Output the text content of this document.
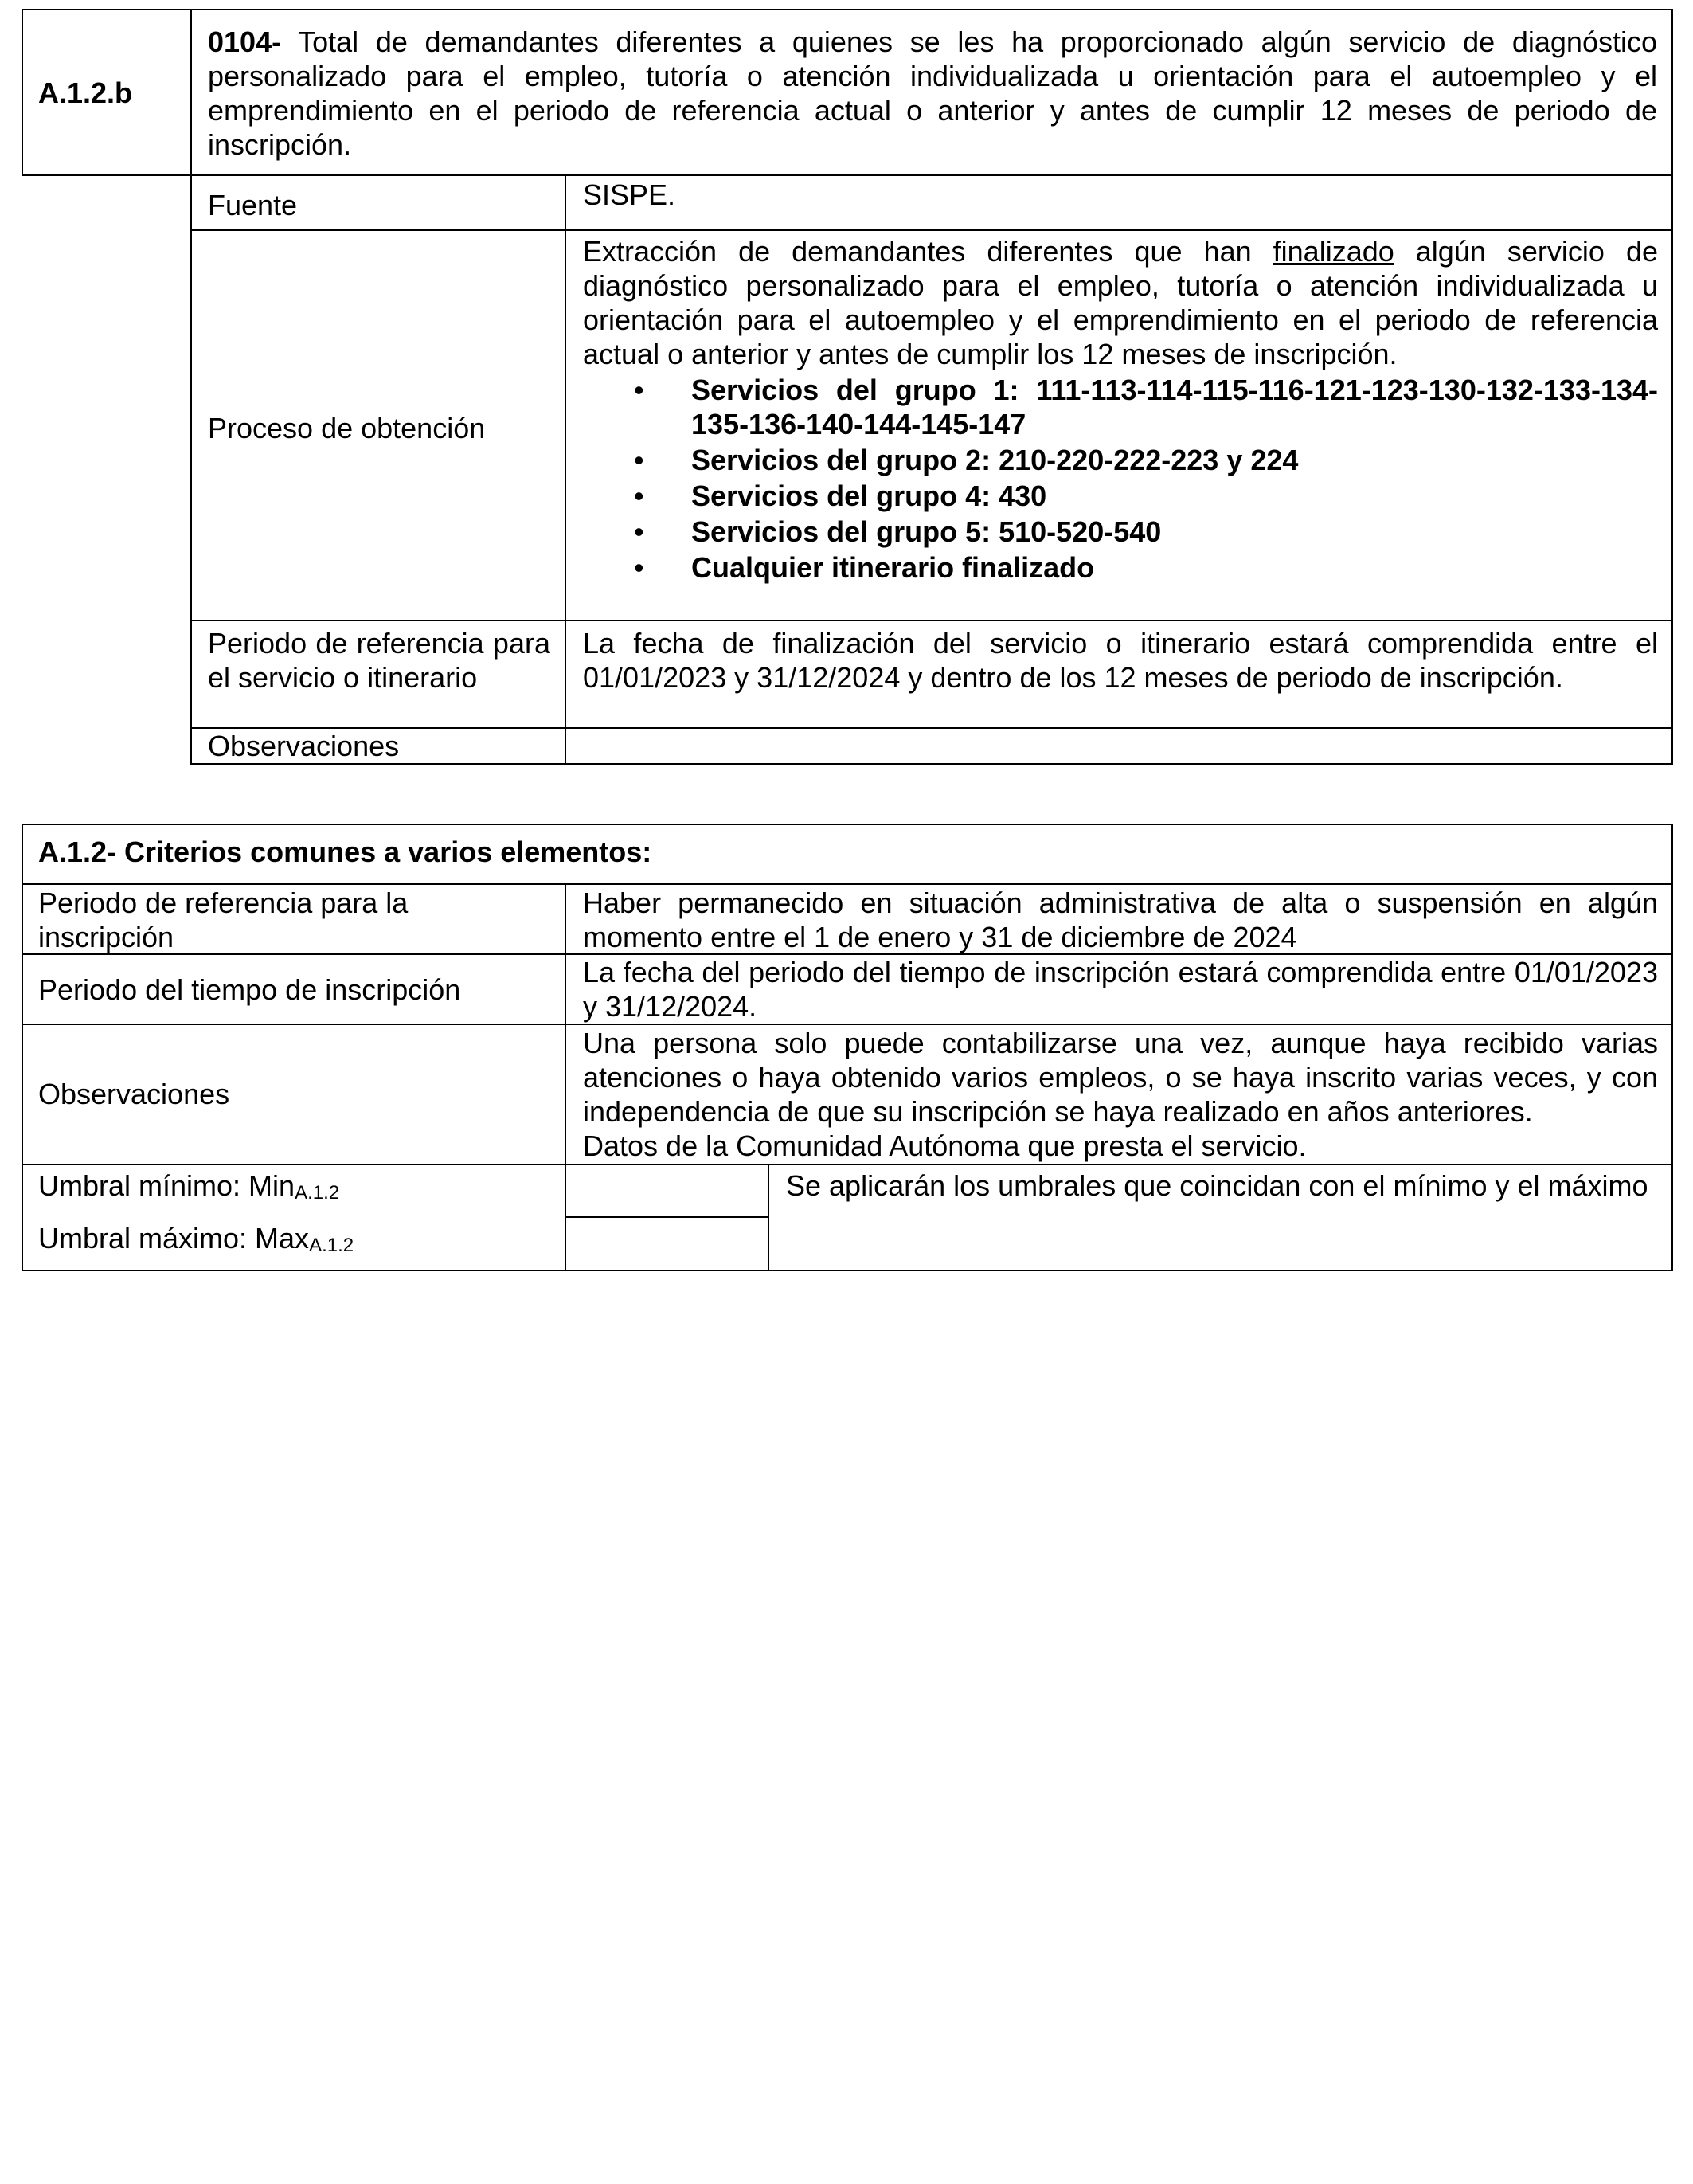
A.1.2.b
0104- Total de demandantes diferentes a quienes se les ha proporcionado algún servicio de diagnóstico personalizado para el empleo, tutoría o atención individualizada u orientación para el autoempleo y el emprendimiento en el periodo de referencia actual o anterior y antes de cumplir 12 meses de periodo de inscripción.
Fuente	SISPE.
Proceso de obtención
Extracción de demandantes diferentes que han finalizado algún servicio de diagnóstico personalizado para el empleo, tutoría o atención individualizada u orientación para el autoempleo y el emprendimiento en el periodo de referencia actual o anterior y antes de cumplir los 12 meses de inscripción.
• Servicios del grupo 1: 111-113-114-115-116-121-123-130-132-133-134-135-136-140-144-145-147
• Servicios del grupo 2: 210-220-222-223 y 224
• Servicios del grupo 4: 430
• Servicios del grupo 5: 510-520-540
• Cualquier itinerario finalizado
Periodo de referencia para el servicio o itinerario
La fecha de finalización del servicio o itinerario estará comprendida entre el 01/01/2023 y 31/12/2024 y dentro de los 12 meses de periodo de inscripción.
Observaciones
A.1.2- Criterios comunes a varios elementos:
Periodo de referencia para la inscripción
Haber permanecido en situación administrativa de alta o suspensión en algún momento entre el 1 de enero y 31 de diciembre de 2024
Periodo del tiempo de inscripción
La fecha del periodo del tiempo de inscripción estará comprendida entre 01/01/2023 y 31/12/2024.
Observaciones
Una persona solo puede contabilizarse una vez, aunque haya recibido varias atenciones o haya obtenido varios empleos, o se haya inscrito varias veces, y con independencia de que su inscripción se haya realizado en años anteriores.
Datos de la Comunidad Autónoma que presta el servicio.
Umbral mínimo: Min$_{A.1.2}$
Umbral máximo: Max$_{A.1.2}$
Se aplicarán los umbrales que coincidan con el mínimo y el máximo
